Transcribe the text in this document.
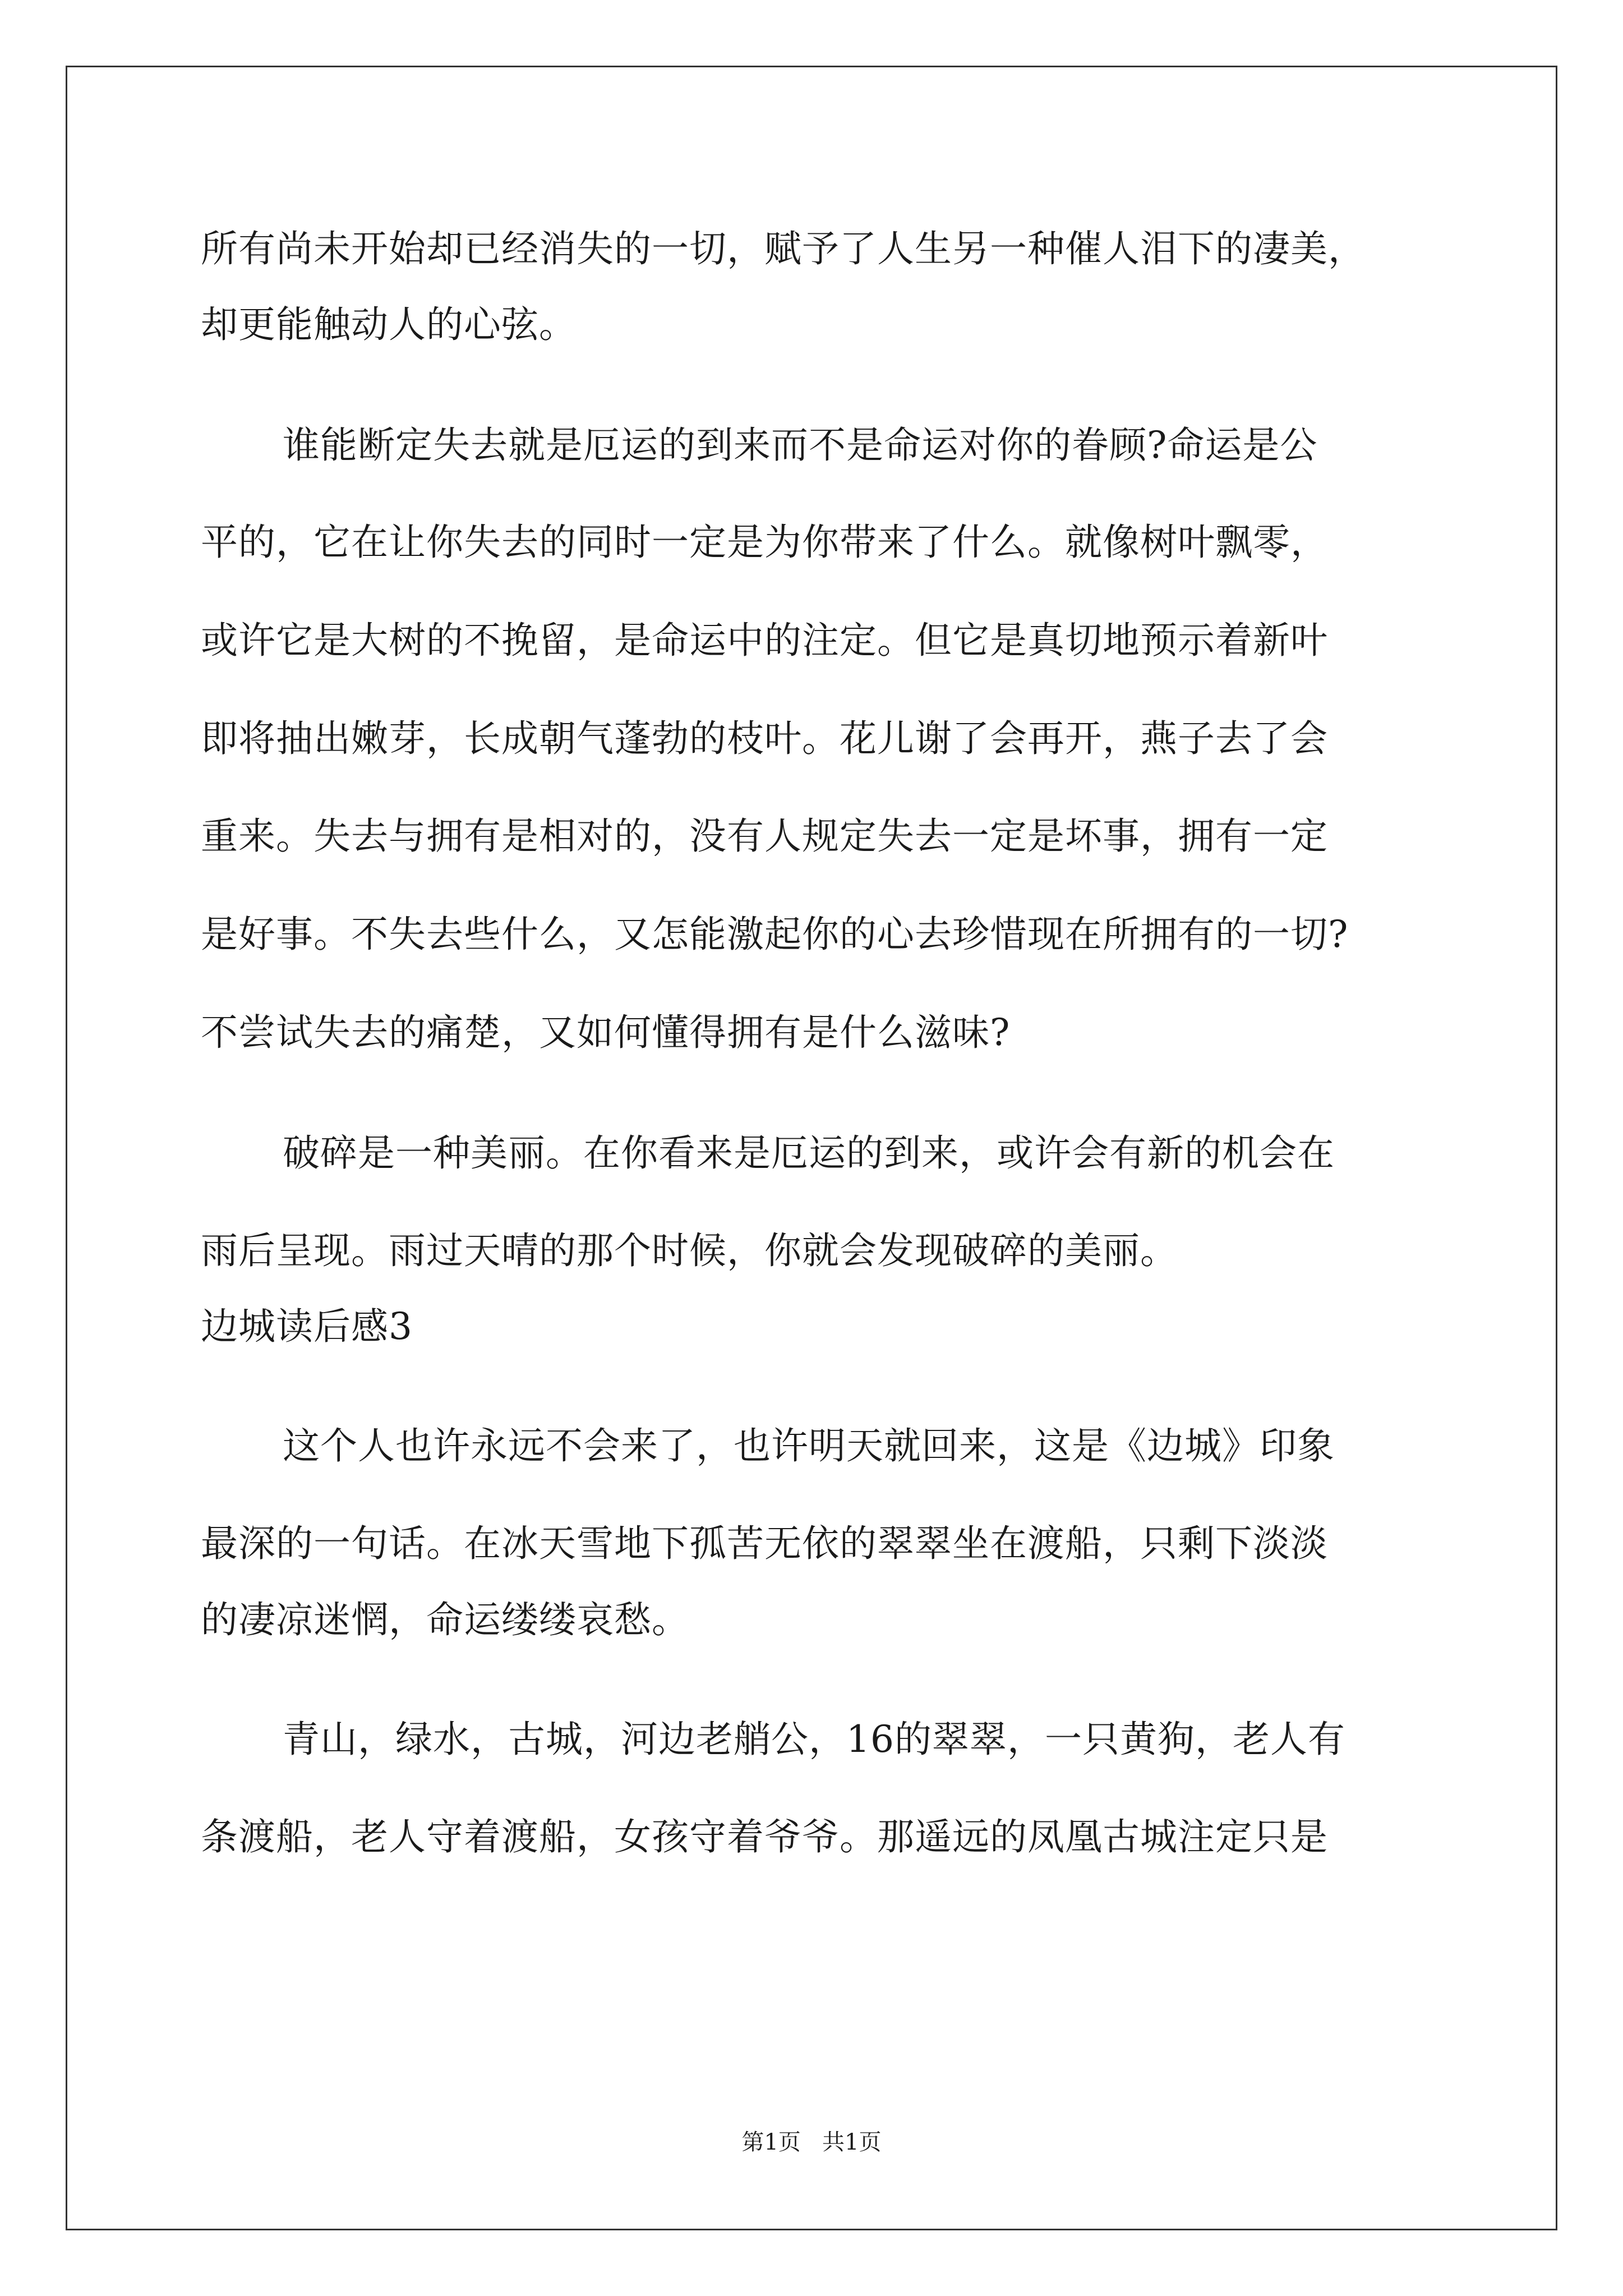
所有尚未开始却已经消失的一切，赋予了人生另一种催人泪下的凄美，
却更能触动人的心弦。
谁能断定失去就是厄运的到来而不是命运对你的眷顾?命运是公
平的，它在让你失去的同时一定是为你带来了什么。就像树叶飘零，
或许它是大树的不挽留，是命运中的注定。但它是真切地预示着新叶
即将抽出嫩芽，长成朝气蓬勃的枝叶。花儿谢了会再开，燕子去了会
重来。失去与拥有是相对的，没有人规定失去一定是坏事，拥有一定
是好事。不失去些什么，又怎能激起你的心去珍惜现在所拥有的一切?
不尝试失去的痛楚，又如何懂得拥有是什么滋味?
破碎是一种美丽。在你看来是厄运的到来，或许会有新的机会在
雨后呈现。雨过天晴的那个时候，你就会发现破碎的美丽。
边城读后感3
这个人也许永远不会来了，也许明天就回来，这是《边城》印象
最深的一句话。在冰天雪地下孤苦无依的翠翠坐在渡船，只剩下淡淡
的凄凉迷惘，命运缕缕哀愁。
青山，绿水，古城，河边老艄公，16的翠翠，一只黄狗，老人有
条渡船，老人守着渡船，女孩守着爷爷。那遥远的凤凰古城注定只是
第1页   共1页
